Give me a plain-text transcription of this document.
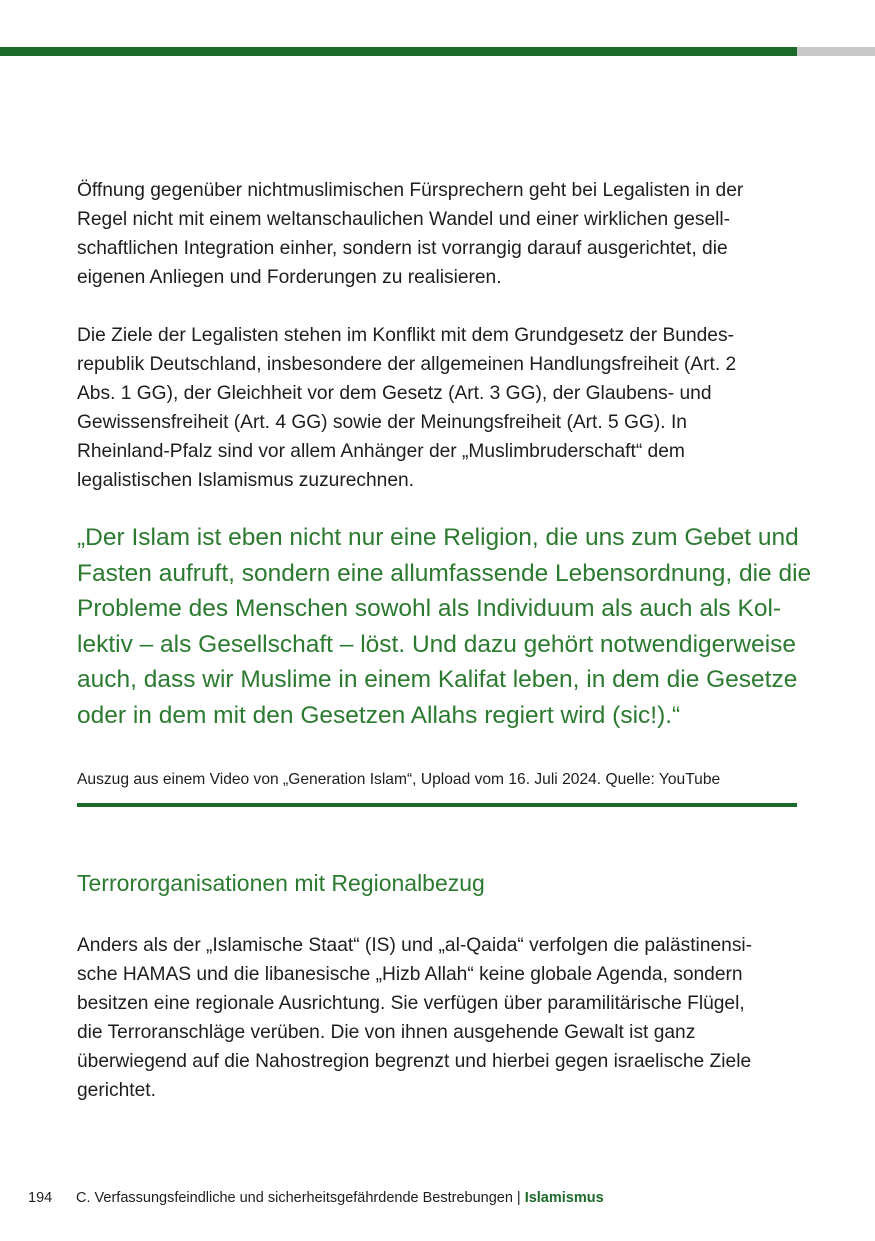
Öffnung gegenüber nichtmuslimischen Fürsprechern geht bei Legalisten in der
Regel nicht mit einem weltanschaulichen Wandel und einer wirklichen gesell-
schaftlichen Integration einher, sondern ist vorrangig darauf ausgerichtet, die
eigenen Anliegen und Forderungen zu realisieren.

Die Ziele der Legalisten stehen im Konflikt mit dem Grundgesetz der Bundes-
republik Deutschland, insbesondere der allgemeinen Handlungsfreiheit (Art. 2
Abs. 1 GG), der Gleichheit vor dem Gesetz (Art. 3 GG), der Glaubens- und
Gewissensfreiheit (Art. 4 GG) sowie der Meinungsfreiheit (Art. 5 GG). In
Rheinland-Pfalz sind vor allem Anhänger der „Muslimbruderschaft“ dem
legalistischen Islamismus zuzurechnen.

„Der Islam ist eben nicht nur eine Religion, die uns zum Gebet und
Fasten aufruft, sondern eine allumfassende Lebensordnung, die die
Probleme des Menschen sowohl als Individuum als auch als Kol-
lektiv – als Gesellschaft – löst. Und dazu gehört notwendigerweise
auch, dass wir Muslime in einem Kalifat leben, in dem die Gesetze
oder in dem mit den Gesetzen Allahs regiert wird (sic!).“
Auszug aus einem Video von „Generation Islam“, Upload vom 16. Juli 2024. Quelle: YouTube
Terrororganisationen mit Regionalbezug

Anders als der „Islamische Staat“ (IS) und „al-Qaida“ verfolgen die palästinensi-
sche HAMAS und die libanesische „Hizb Allah“ keine globale Agenda, sondern
besitzen eine regionale Ausrichtung. Sie verfügen über paramilitärische Flügel,
die Terroranschläge verüben. Die von ihnen ausgehende Gewalt ist ganz
überwiegend auf die Nahostregion begrenzt und hierbei gegen israelische Ziele
gerichtet.

194 C. Verfassungsfeindliche und sicherheitsgefährdende Bestrebungen | Islamismus
